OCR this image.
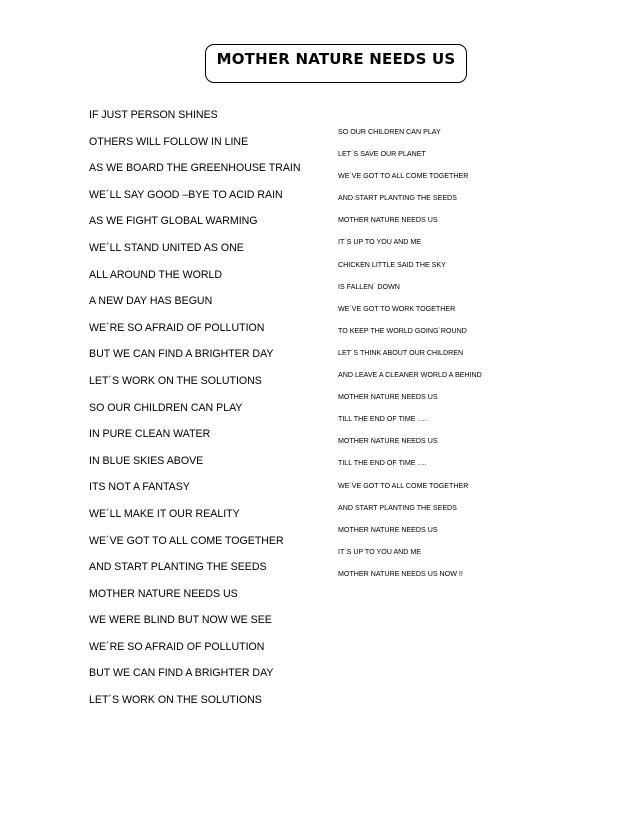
MOTHER NATURE NEEDS US
IF JUST PERSON SHINES
OTHERS WILL FOLLOW IN LINE
AS WE BOARD THE GREENHOUSE TRAIN
WE´LL SAY GOOD –BYE TO ACID RAIN
AS WE FIGHT GLOBAL WARMING
WE´LL STAND UNITED AS ONE
ALL AROUND THE WORLD
A NEW DAY HAS BEGUN
WE´RE SO AFRAID OF POLLUTION
BUT WE CAN FIND A BRIGHTER DAY
LET´S WORK ON THE SOLUTIONS
SO OUR CHILDREN CAN PLAY
IN PURE CLEAN WATER
IN BLUE SKIES ABOVE
ITS NOT A FANTASY
WE´LL MAKE IT OUR REALITY
WE´VE GOT TO ALL COME TOGETHER
AND START PLANTING THE SEEDS
MOTHER NATURE NEEDS US
WE WERE BLIND BUT NOW WE SEE
WE´RE SO AFRAID OF POLLUTION
BUT WE CAN FIND A BRIGHTER DAY
LET´S WORK ON THE SOLUTIONS
SO OUR CHILDREN CAN PLAY
LET´S SAVE OUR PLANET
WE´VE GOT TO ALL COME TOGETHER
AND START PLANTING THE SEEDS
MOTHER NATURE NEEDS US
IT´S UP TO YOU AND ME
CHICKEN LITTLE SAID THE SKY
IS FALLEN´ DOWN
WE´VE GOT TO WORK TOGETHER
TO KEEP THE WORLD GOING´ROUND
LET´S THINK ABOUT OUR CHILDREN
AND LEAVE A CLEANER WORLD A BEHIND
MOTHER NATURE NEEDS US
TILL THE END OF TIME ….
MOTHER NATURE NEEDS US
TILL THE END OF TIME ….
WE´VE GOT TO ALL COME TOGETHER
AND START PLANTING THE SEEDS
MOTHER NATURE NEEDS US
IT´S UP TO YOU AND ME
MOTHER NATURE NEEDS US NOW !!
